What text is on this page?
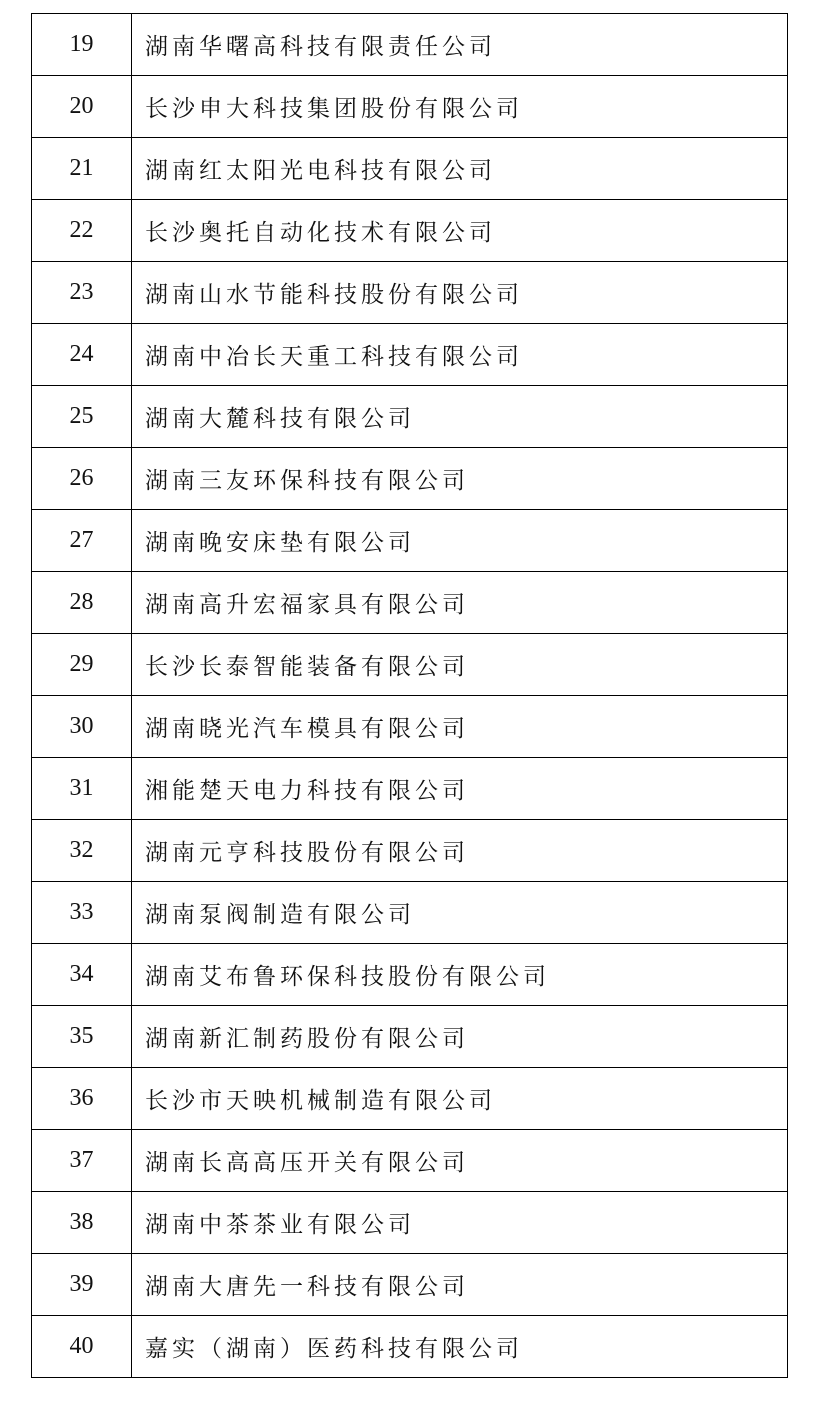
19	湖南华曙高科技有限责任公司
20	长沙申大科技集团股份有限公司
21	湖南红太阳光电科技有限公司
22	长沙奥托自动化技术有限公司
23	湖南山水节能科技股份有限公司
24	湖南中冶长天重工科技有限公司
25	湖南大麓科技有限公司
26	湖南三友环保科技有限公司
27	湖南晚安床垫有限公司
28	湖南高升宏福家具有限公司
29	长沙长泰智能装备有限公司
30	湖南晓光汽车模具有限公司
31	湘能楚天电力科技有限公司
32	湖南元亨科技股份有限公司
33	湖南泵阀制造有限公司
34	湖南艾布鲁环保科技股份有限公司
35	湖南新汇制药股份有限公司
36	长沙市天映机械制造有限公司
37	湖南长高高压开关有限公司
38	湖南中茶茶业有限公司
39	湖南大唐先一科技有限公司
40	嘉实（湖南）医药科技有限公司
